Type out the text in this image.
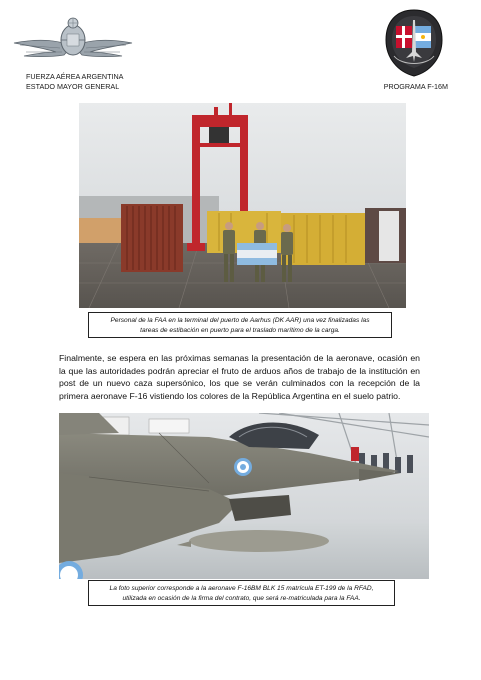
FUERZA AÉREA ARGENTINA
ESTADO MAYOR GENERAL	PROGRAMA F-16M
Personal de la FAA en la terminal del puerto de Aarhus (DK AAR) una vez finalizadas las
tareas de estibación en puerto para el traslado marítimo de la carga.

Finalmente, se espera en las próximas semanas la presentación de la aeronave, ocasión en la que las autoridades podrán apreciar el fruto de arduos años de trabajo de la institución en post de un nuevo caza supersónico, los que se verán culminados con la recepción de la primera aeronave F-16 vistiendo los colores de la República Argentina en el suelo patrio.

La foto superior corresponde a la aeronave F-16BM BLK 15 matrícula ET-199 de la RFAD,
utilizada en ocasión de la firma del contrato, que será re-matriculada para la FAA.
